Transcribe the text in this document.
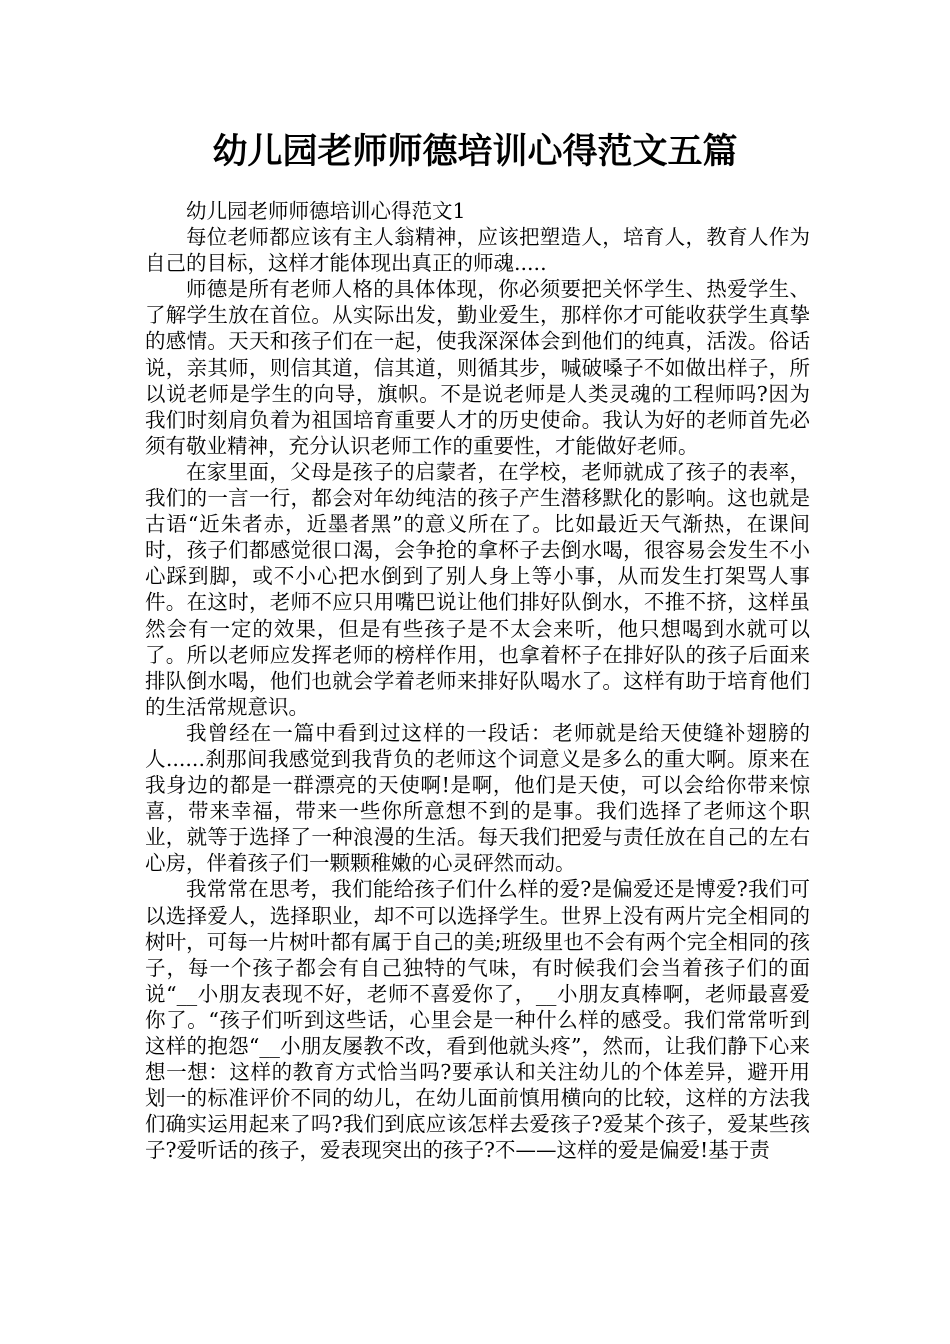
幼儿园老师师德培训心得范文五篇

幼儿园老师师德培训心得范文1

每位老师都应该有主人翁精神，应该把塑造人，培育人，教育人作为自己的目标，这样才能体现出真正的师魂.....

师德是所有老师人格的具体体现，你必须要把关怀学生、热爱学生、了解学生放在首位。从实际出发，勤业爱生，那样你才可能收获学生真挚的感情。天天和孩子们在一起，使我深深体会到他们的纯真，活泼。俗话说，亲其师，则信其道，信其道，则循其步，喊破嗓子不如做出样子，所以说老师是学生的向导，旗帜。不是说老师是人类灵魂的工程师吗?因为我们时刻肩负着为祖国培育重要人才的历史使命。我认为好的老师首先必须有敬业精神，充分认识老师工作的重要性，才能做好老师。

在家里面，父母是孩子的启蒙者，在学校，老师就成了孩子的表率，我们的一言一行，都会对年幼纯洁的孩子产生潜移默化的影响。这也就是古语“近朱者赤，近墨者黑”的意义所在了。比如最近天气渐热，在课间时，孩子们都感觉很口渴，会争抢的拿杯子去倒水喝，很容易会发生不小心踩到脚，或不小心把水倒到了别人身上等小事，从而发生打架骂人事件。在这时，老师不应只用嘴巴说让他们排好队倒水，不推不挤，这样虽然会有一定的效果，但是有些孩子是不太会来听，他只想喝到水就可以了。所以老师应发挥老师的榜样作用，也拿着杯子在排好队的孩子后面来排队倒水喝，他们也就会学着老师来排好队喝水了。这样有助于培育他们的生活常规意识。

我曾经在一篇中看到过这样的一段话：老师就是给天使缝补翅膀的人......刹那间我感觉到我背负的老师这个词意义是多么的重大啊。原来在我身边的都是一群漂亮的天使啊!是啊，他们是天使，可以会给你带来惊喜，带来幸福，带来一些你所意想不到的是事。我们选择了老师这个职业，就等于选择了一种浪漫的生活。每天我们把爱与责任放在自己的左右心房，伴着孩子们一颗颗稚嫩的心灵砰然而动。

我常常在思考，我们能给孩子们什么样的爱?是偏爱还是博爱?我们可以选择爱人，选择职业，却不可以选择学生。世界上没有两片完全相同的树叶，可每一片树叶都有属于自己的美;班级里也不会有两个完全相同的孩子，每一个孩子都会有自己独特的气味，有时候我们会当着孩子们的面说“__小朋友表现不好，老师不喜爱你了，__小朋友真棒啊，老师最喜爱你了。“孩子们听到这些话，心里会是一种什么样的感受。我们常常听到这样的抱怨“__小朋友屡教不改，看到他就头疼”，然而，让我们静下心来想一想：这样的教育方式恰当吗?要承认和关注幼儿的个体差异，避开用划一的标准评价不同的幼儿，在幼儿面前慎用横向的比较，这样的方法我们确实运用起来了吗?我们到底应该怎样去爱孩子?爱某个孩子，爱某些孩子?爱听话的孩子，爱表现突出的孩子?不——这样的爱是偏爱!基于责
